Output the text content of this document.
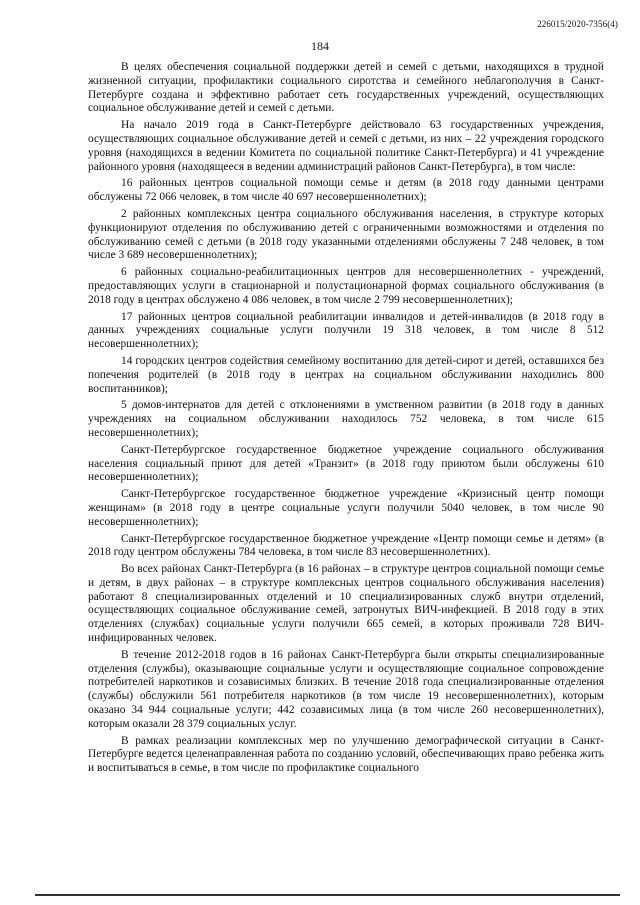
226015/2020-7356(4)
184

В целях обеспечения социальной поддержки детей и семей с детьми, находящихся в трудной жизненной ситуации, профилактики социального сиротства и семейного неблагополучия в Санкт-Петербурге создана и эффективно работает сеть государственных учреждений, осуществляющих социальное обслуживание детей и семей с детьми.

На начало 2019 года в Санкт-Петербурге действовало 63 государственных учреждения, осуществляющих социальное обслуживание детей и семей с детьми, из них – 22 учреждения городского уровня (находящихся в ведении Комитета по социальной политике Санкт-Петербурга) и 41 учреждение районного уровня (находящееся в ведении администраций районов Санкт-Петербурга), в том числе:

16 районных центров социальной помощи семье и детям (в 2018 году данными центрами обслужены 72 066 человек, в том числе 40 697 несовершеннолетних);

2 районных комплексных центра социального обслуживания населения, в структуре которых функционируют отделения по обслуживанию детей с ограниченными возможностями и отделения по обслуживанию семей с детьми (в 2018 году указанными отделениями обслужены 7 248 человек, в том числе 3 689 несовершеннолетних);

6 районных социально-реабилитационных центров для несовершеннолетних - учреждений, предоставляющих услуги в стационарной и полустационарной формах социального обслуживания (в 2018 году в центрах обслужено 4 086 человек, в том числе 2 799 несовершеннолетних);

17 районных центров социальной реабилитации инвалидов и детей-инвалидов (в 2018 году в данных учреждениях социальные услуги получили 19 318 человек, в том числе 8 512 несовершеннолетних);

14 городских центров содействия семейному воспитанию для детей-сирот и детей, оставшихся без попечения родителей (в 2018 году в центрах на социальном обслуживании находились 800 воспитанников);

5 домов-интернатов для детей с отклонениями в умственном развитии (в 2018 году в данных учреждениях на социальном обслуживании находилось 752 человека, в том числе 615 несовершеннолетних);

Санкт-Петербургское государственное бюджетное учреждение социального обслуживания населения социальный приют для детей «Транзит» (в 2018 году приютом были обслужены 610 несовершеннолетних);

Санкт-Петербургское государственное бюджетное учреждение «Кризисный центр помощи женщинам» (в 2018 году в центре социальные услуги получили 5040 человек, в том числе 90 несовершеннолетних);

Санкт-Петербургское государственное бюджетное учреждение «Центр помощи семье и детям» (в 2018 году центром обслужены 784 человека, в том числе 83 несовершеннолетних).

Во всех районах Санкт-Петербурга (в 16 районах – в структуре центров социальной помощи семье и детям, в двух районах – в структуре комплексных центров социального обслуживания населения) работают 8 специализированных отделений и 10 специализированных служб внутри отделений, осуществляющих социальное обслуживание семей, затронутых ВИЧ-инфекцией. В 2018 году в этих отделениях (службах) социальные услуги получили 665 семей, в которых проживали 728 ВИЧ-инфицированных человек.

В течение 2012-2018 годов в 16 районах Санкт-Петербурга были открыты специализированные отделения (службы), оказывающие социальные услуги и осуществляющие социальное сопровождение потребителей наркотиков и созависимых близких. В течение 2018 года специализированные отделения (службы) обслужили 561 потребителя наркотиков (в том числе 19 несовершеннолетних), которым оказано 34 944 социальные услуги; 442 созависимых лица (в том числе 260 несовершеннолетних), которым оказали 28 379 социальных услуг.

В рамках реализации комплексных мер по улучшению демографической ситуации в Санкт-Петербурге ведется целенаправленная работа по созданию условий, обеспечивающих право ребенка жить и воспитываться в семье, в том числе по профилактике социального
